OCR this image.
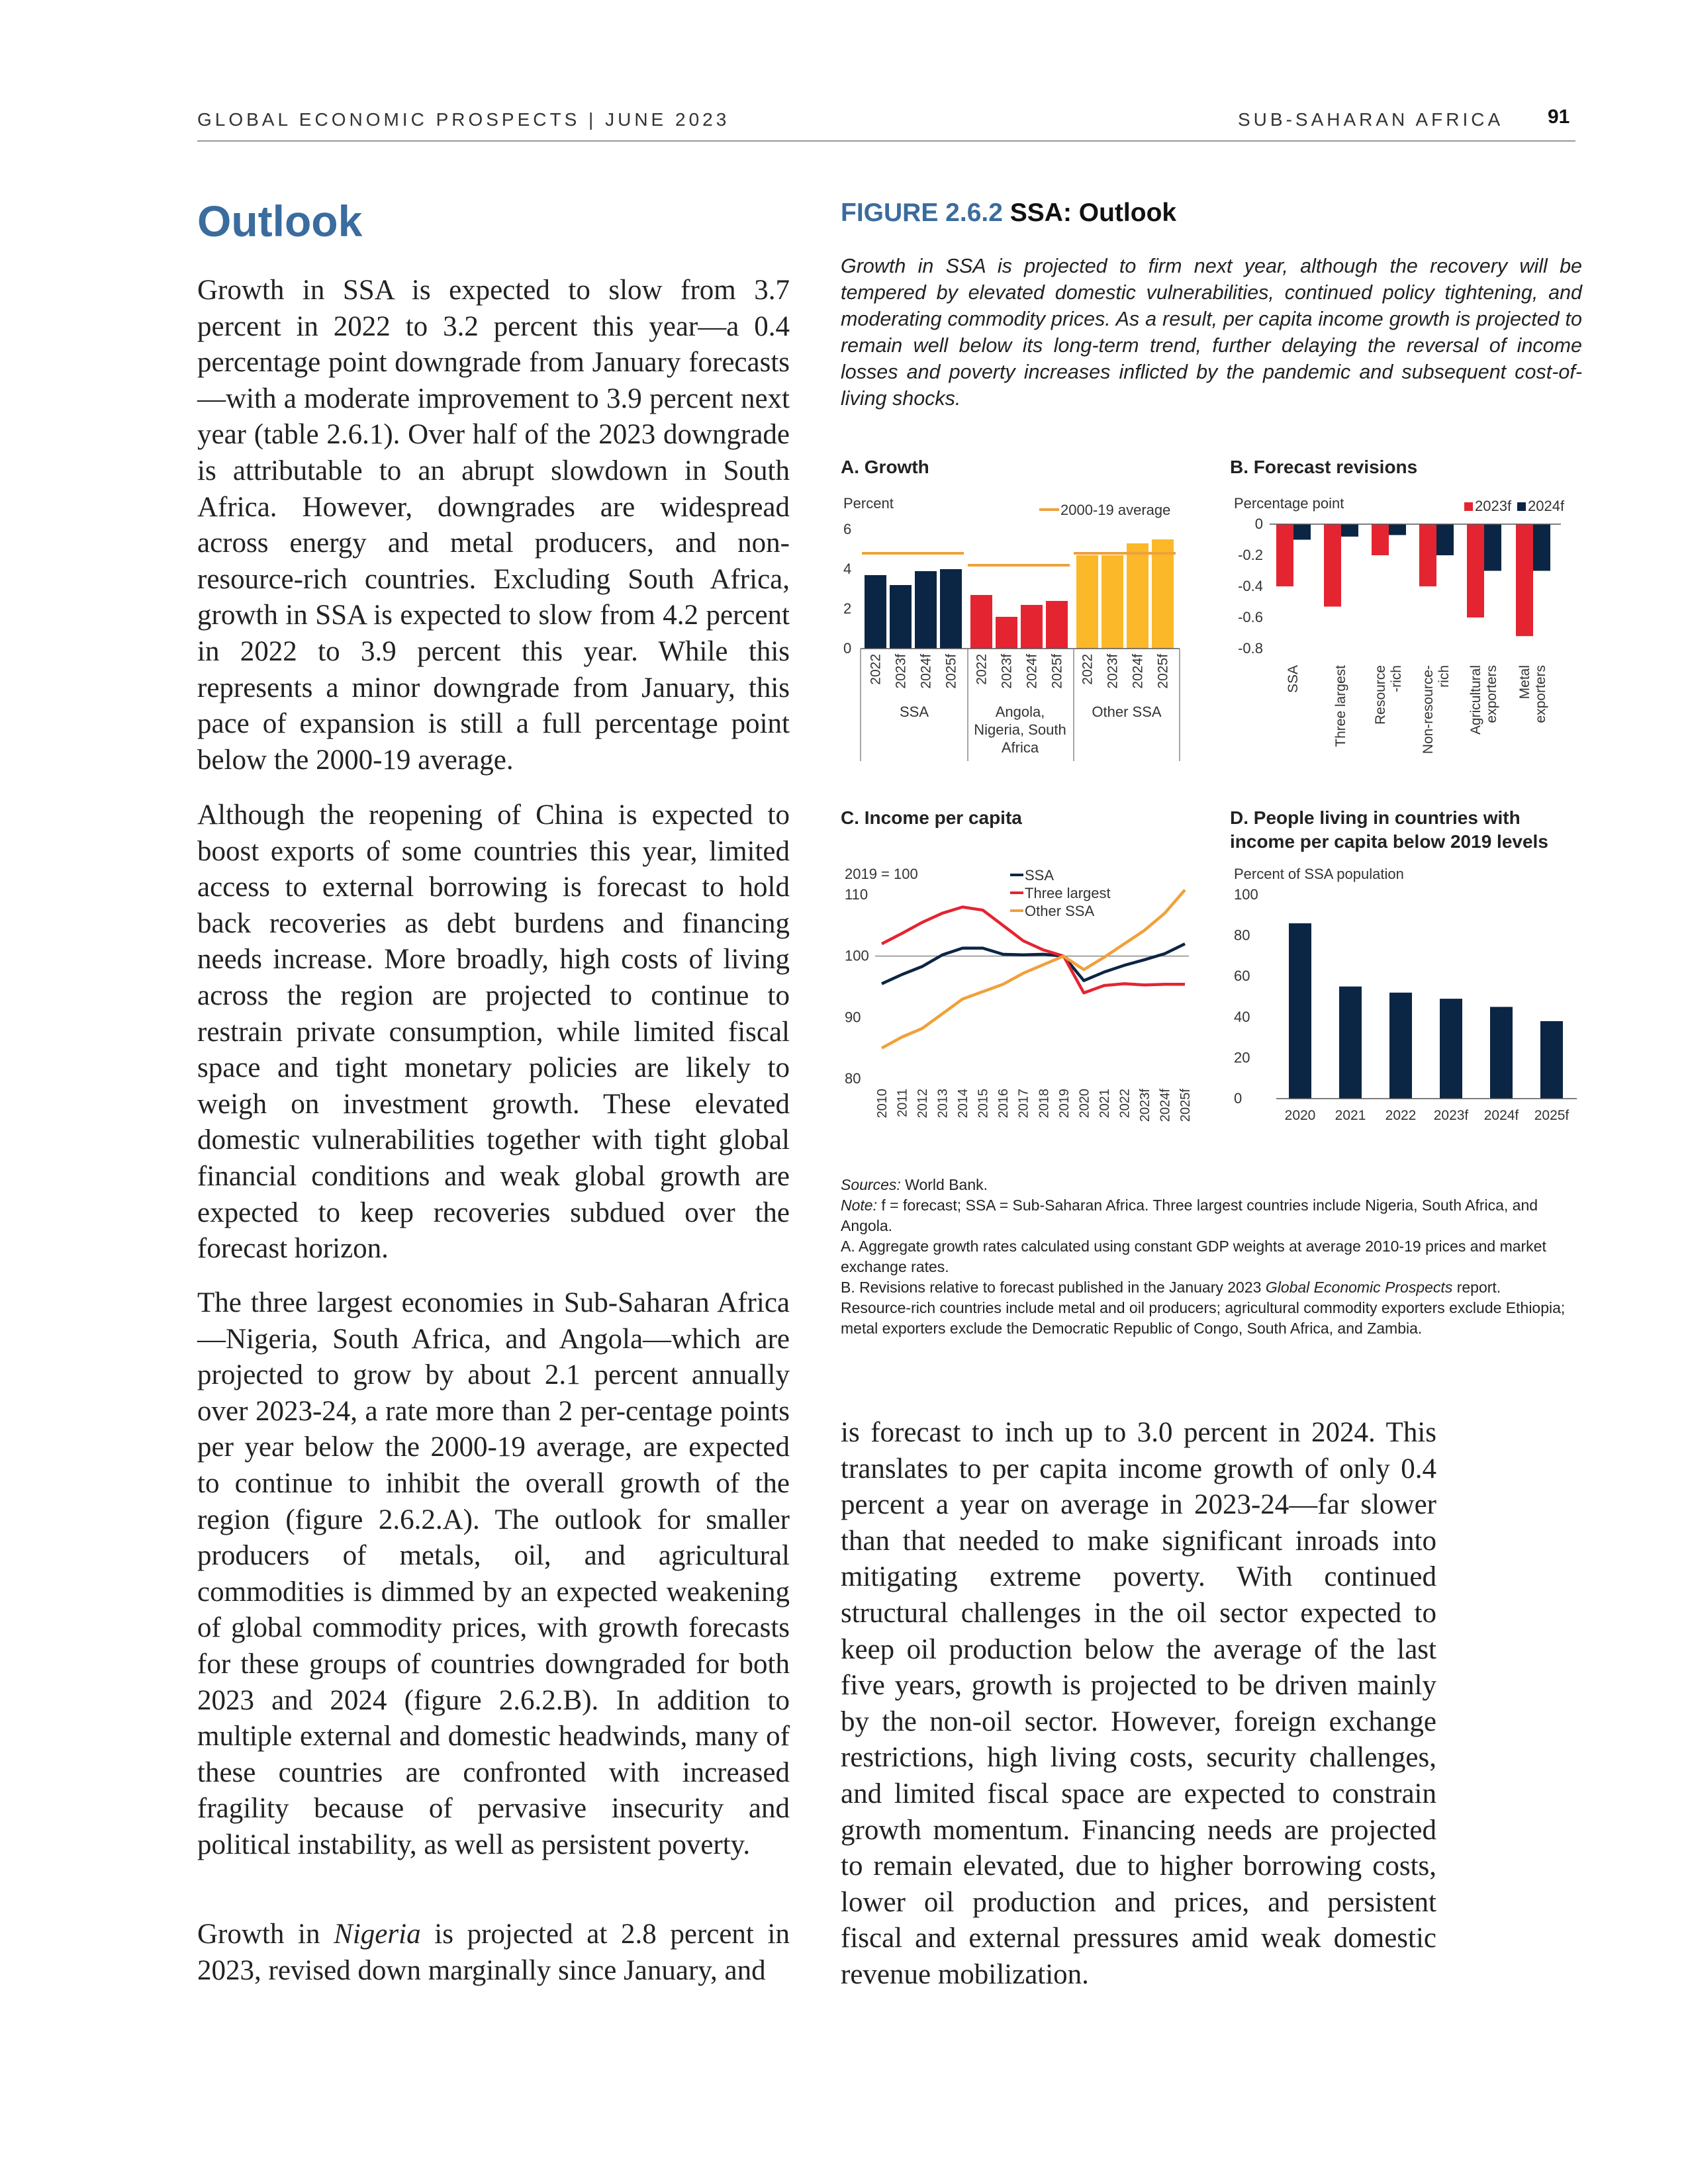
GLOBAL ECONOMIC PROSPECTS | JUNE 2023	SUB-SAHARAN AFRICA 91
Outlook

Growth in SSA is expected to slow from 3.7 percent in 2022 to 3.2 percent this year—a 0.4 percentage point downgrade from January forecasts—with a moderate improvement to 3.9 percent next year (table 2.6.1). Over half of the 2023 downgrade is attributable to an abrupt slowdown in South Africa. However, downgrades are widespread across energy and metal producers, and non-resource-rich countries. Excluding South Africa, growth in SSA is expected to slow from 4.2 percent in 2022 to 3.9 percent this year. While this represents a minor downgrade from January, this pace of expansion is still a full percentage point below the 2000-19 average.

Although the reopening of China is expected to boost exports of some countries this year, limited access to external borrowing is forecast to hold back recoveries as debt burdens and financing needs increase. More broadly, high costs of living across the region are projected to continue to restrain private consumption, while limited fiscal space and tight monetary policies are likely to weigh on investment growth. These elevated domestic vulnerabilities together with tight global financial conditions and weak global growth are expected to keep recoveries subdued over the forecast horizon.

The three largest economies in Sub-Saharan Africa—Nigeria, South Africa, and Angola—which are projected to grow by about 2.1 percent annually over 2023-24, a rate more than 2 per-centage points per year below the 2000-19 average, are expected to continue to inhibit the overall growth of the region (figure 2.6.2.A). The outlook for smaller producers of metals, oil, and agricultural commodities is dimmed by an expected weakening of global commodity prices, with growth forecasts for these groups of countries downgraded for both 2023 and 2024 (figure 2.6.2.B). In addition to multiple external and domestic headwinds, many of these countries are confronted with increased fragility because of pervasive insecurity and political instability, as well as persistent poverty.

Growth in Nigeria is projected at 2.8 percent in 2023, revised down marginally since January, and

is forecast to inch up to 3.0 percent in 2024. This translates to per capita income growth of only 0.4 percent a year on average in 2023-24—far slower than that needed to make significant inroads into mitigating extreme poverty. With continued structural challenges in the oil sector expected to keep oil production below the average of the last five years, growth is projected to be driven mainly by the non-oil sector. However, foreign exchange restrictions, high living costs, security challenges, and limited fiscal space are expected to constrain growth momentum. Financing needs are projected to remain elevated, due to higher borrowing costs, lower oil production and prices, and persistent fiscal and external pressures amid weak domestic revenue mobilization.

FIGURE 2.6.2 SSA: Outlook

Growth in SSA is projected to firm next year, although the recovery will be tempered by elevated domestic vulnerabilities, continued policy tightening, and moderating commodity prices. As a result, per capita income growth is projected to remain well below its long-term trend, further delaying the reversal of income losses and poverty increases inflicted by the pandemic and subsequent cost-of-living shocks.

A. Growth	B. Forecast revisions
C. Income per capita	D. People living in countries with income per capita below 2019 levels
Percent
0
2
4
6
2000-19 average
2022 2023f 2024f 2025f 2022 2023f 2024f 2025f 2022 2023f 2024f 2025f
SSA	Angola,
Nigeria, South
Africa
Other SSA
Percentage point
0
-0.2
-0.4
-0.6
-0.8
2023f 2024f
SSA Three largest Resource -rich Non-resource- rich Agricultural exporters Metal exporters
2019 = 100
80
90
100
110
SSA
Three largest
Other SSA
2010 2011 2012 2013 2014 2015 2016 2017 2018 2019 2020 2021 2022 2023f 2024f 2025f
Percent of SSA population
0
20
40
60
80
100
2020 2021 2022 2023f 2024f 2025f

Sources: World Bank.

Note: f = forecast; SSA = Sub-Saharan Africa. Three largest countries include Nigeria, South Africa, and Angola.

A. Aggregate growth rates calculated using constant GDP weights at average 2010-19 prices and market exchange rates.

B. Revisions relative to forecast published in the January 2023 Global Economic Prospects report. Resource-rich countries include metal and oil producers; agricultural commodity exporters exclude Ethiopia; metal exporters exclude the Democratic Republic of Congo, South Africa, and Zambia.
